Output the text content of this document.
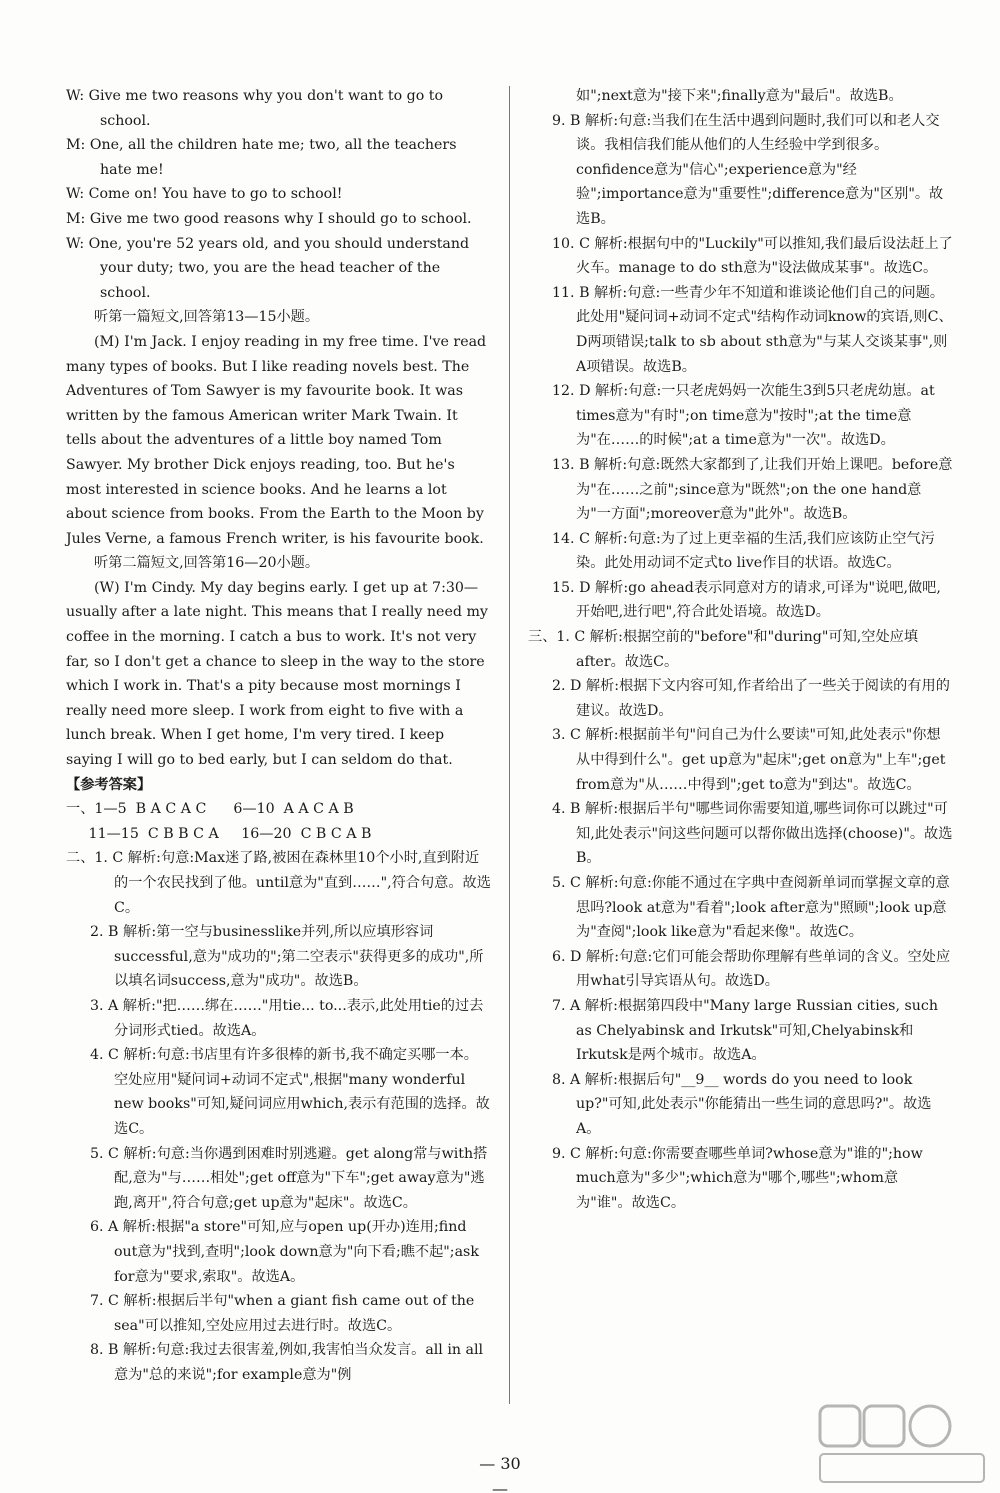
W: Give me two reasons why you don't want to go to school.

M: One, all the children hate me; two, all the teachers hate me!

W: Come on! You have to go to school!

M: Give me two good reasons why I should go to school.

W: One, you're 52 years old, and you should understand your duty; two, you are the head teacher of the school.

听第一篇短文,回答第13—15小题。

(M) I'm Jack. I enjoy reading in my free time. I've read many types of books. But I like reading novels best. The Adventures of Tom Sawyer is my favourite book. It was written by the famous American writer Mark Twain. It tells about the adventures of a little boy named Tom Sawyer. My brother Dick enjoys reading, too. But he's most interested in science books. And he learns a lot about science from books. From the Earth to the Moon by Jules Verne, a famous French writer, is his favourite book.

听第二篇短文,回答第16—20小题。

(W) I'm Cindy. My day begins early. I get up at 7:30—usually after a late night. This means that I really need my coffee in the morning. I catch a bus to work. It's not very far, so I don't get a chance to sleep in the way to the store which I work in. That's a pity because most mornings I really need more sleep. I work from eight to five with a lunch break. When I get home, I'm very tired. I keep saying I will go to bed early, but I can seldom do that.

【参考答案】

一、1—5  B A C A C      6—10  A A C A B
11—15  C B B C A     16—20  C B C A B

二、1. C 解析:句意:Max迷了路,被困在森林里10个小时,直到附近的一个农民找到了他。until意为"直到……",符合句意。故选C。

2. B 解析:第一空与businesslike并列,所以应填形容词successful,意为"成功的";第二空表示"获得更多的成功",所以填名词success,意为"成功"。故选B。

3. A 解析:"把……绑在……"用tie... to...表示,此处用tie的过去分词形式tied。故选A。

4. C 解析:句意:书店里有许多很棒的新书,我不确定买哪一本。空处应用"疑问词+动词不定式",根据"many wonderful new books"可知,疑问词应用which,表示有范围的选择。故选C。

5. C 解析:句意:当你遇到困难时别逃避。get along常与with搭配,意为"与……相处";get off意为"下车";get away意为"逃跑,离开",符合句意;get up意为"起床"。故选C。

6. A 解析:根据"a store"可知,应与open up(开办)连用;find out意为"找到,查明";look down意为"向下看;瞧不起";ask for意为"要求,索取"。故选A。

7. C 解析:根据后半句"when a giant fish came out of the sea"可以推知,空处应用过去进行时。故选C。

8. B 解析:句意:我过去很害羞,例如,我害怕当众发言。all in all意为"总的来说";for example意为"例

如";next意为"接下来";finally意为"最后"。故选B。

9. B 解析:句意:当我们在生活中遇到问题时,我们可以和老人交谈。我相信我们能从他们的人生经验中学到很多。confidence意为"信心";experience意为"经验";importance意为"重要性";difference意为"区别"。故选B。

10. C 解析:根据句中的"Luckily"可以推知,我们最后设法赶上了火车。manage to do sth意为"设法做成某事"。故选C。

11. B 解析:句意:一些青少年不知道和谁谈论他们自己的问题。此处用"疑问词+动词不定式"结构作动词know的宾语,则C、D两项错误;talk to sb about sth意为"与某人交谈某事",则A项错误。故选B。

12. D 解析:句意:一只老虎妈妈一次能生3到5只老虎幼崽。at times意为"有时";on time意为"按时";at the time意为"在……的时候";at a time意为"一次"。故选D。

13. B 解析:句意:既然大家都到了,让我们开始上课吧。before意为"在……之前";since意为"既然";on the one hand意为"一方面";moreover意为"此外"。故选B。

14. C 解析:句意:为了过上更幸福的生活,我们应该防止空气污染。此处用动词不定式to live作目的状语。故选C。

15. D 解析:go ahead表示同意对方的请求,可译为"说吧,做吧,开始吧,进行吧",符合此处语境。故选D。

三、1. C 解析:根据空前的"before"和"during"可知,空处应填after。故选C。

2. D 解析:根据下文内容可知,作者给出了一些关于阅读的有用的建议。故选D。

3. C 解析:根据前半句"问自己为什么要读"可知,此处表示"你想从中得到什么"。get up意为"起床";get on意为"上车";get from意为"从……中得到";get to意为"到达"。故选C。

4. B 解析:根据后半句"哪些词你需要知道,哪些词你可以跳过"可知,此处表示"问这些问题可以帮你做出选择(choose)"。故选B。

5. C 解析:句意:你能不通过在字典中查阅新单词而掌握文章的意思吗?look at意为"看着";look after意为"照顾";look up意为"查阅";look like意为"看起来像"。故选C。

6. D 解析:句意:它们可能会帮助你理解有些单词的含义。空处应用what引导宾语从句。故选D。

7. A 解析:根据第四段中"Many large Russian cities, such as Chelyabinsk and Irkutsk"可知,Chelyabinsk和Irkutsk是两个城市。故选A。

8. A 解析:根据后句"__9__ words do you need to look up?"可知,此处表示"你能猜出一些生词的意思吗?"。故选A。

9. C 解析:句意:你需要查哪些单词?whose意为"谁的";how much意为"多少";which意为"哪个,哪些";whom意为"谁"。故选C。

— 30 —
